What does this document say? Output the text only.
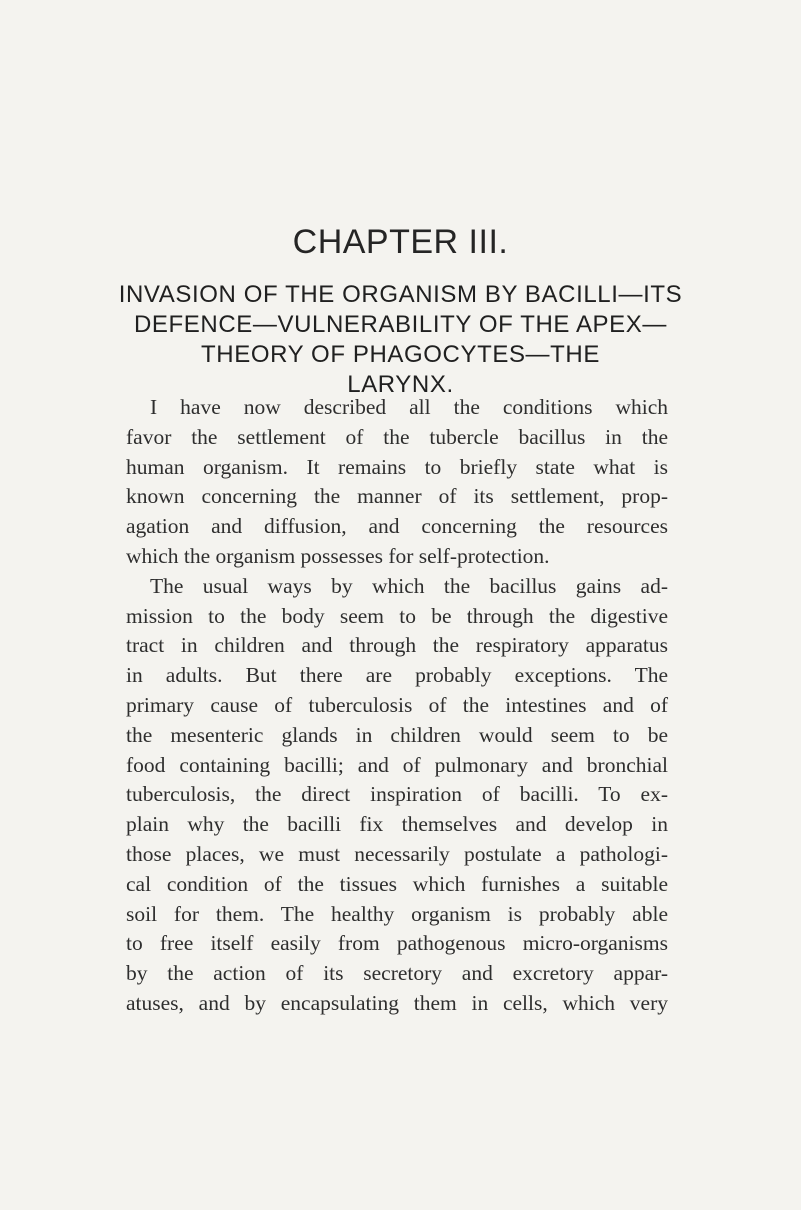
CHAPTER III.
INVASION OF THE ORGANISM BY BACILLI—ITS
DEFENCE—VULNERABILITY OF THE APEX—
THEORY OF PHAGOCYTES—THE
LARYNX.
I have now described all the conditions which
favor the settlement of the tubercle bacillus in the
human organism. It remains to briefly state what is
known concerning the manner of its settlement, prop-
agation and diffusion, and concerning the resources
which the organism possesses for self-protection.
The usual ways by which the bacillus gains ad-
mission to the body seem to be through the digestive
tract in children and through the respiratory apparatus
in adults. But there are probably exceptions. The
primary cause of tuberculosis of the intestines and of
the mesenteric glands in children would seem to be
food containing bacilli; and of pulmonary and bronchial
tuberculosis, the direct inspiration of bacilli. To ex-
plain why the bacilli fix themselves and develop in
those places, we must necessarily postulate a pathologi-
cal condition of the tissues which furnishes a suitable
soil for them. The healthy organism is probably able
to free itself easily from pathogenous micro-organisms
by the action of its secretory and excretory appar-
atuses, and by encapsulating them in cells, which very
